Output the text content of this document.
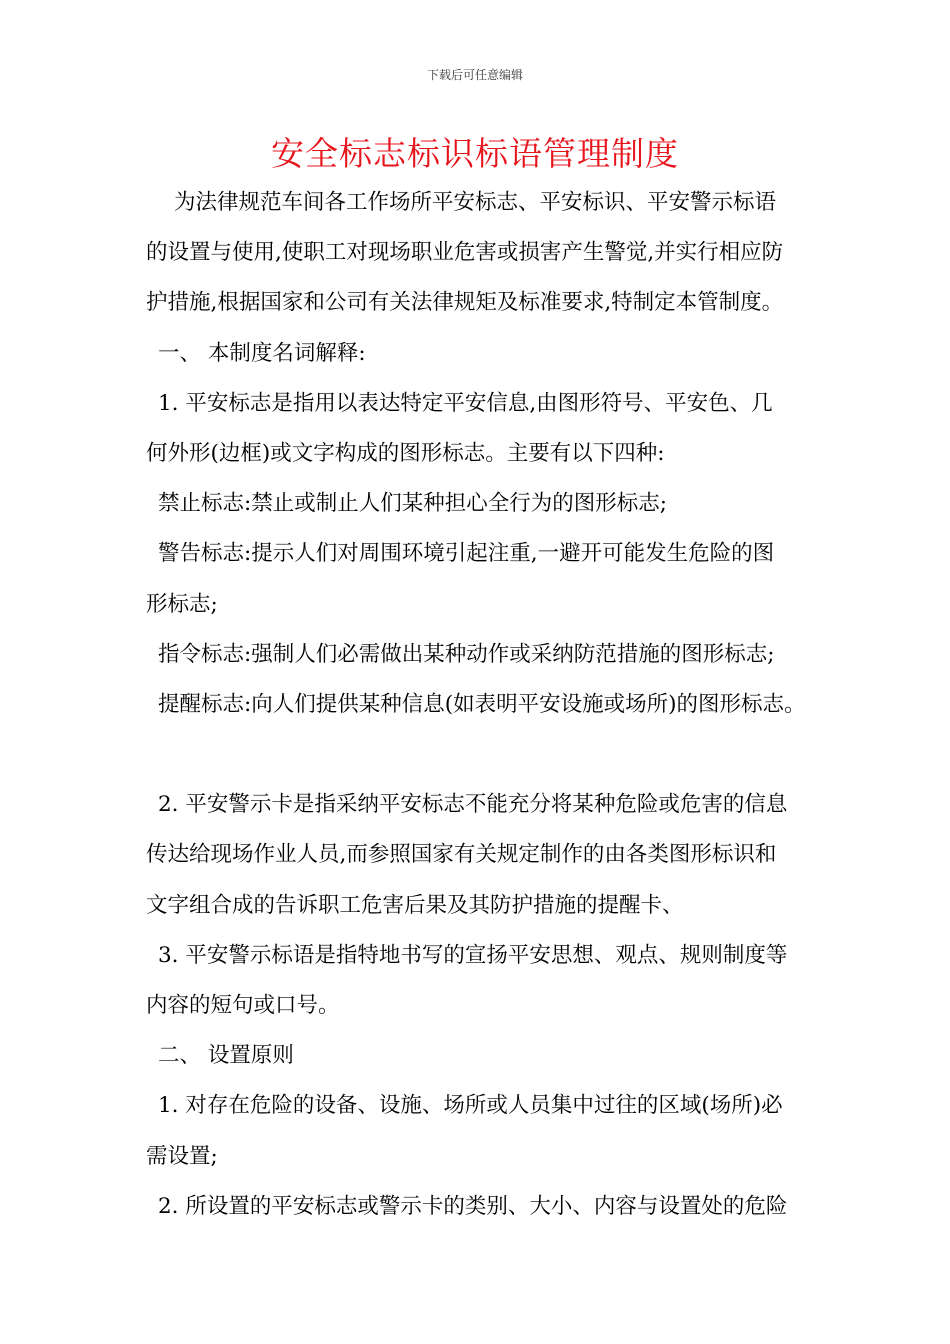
下载后可任意编辑
安全标志标识标语管理制度
为法律规范车间各工作场所平安标志、平安标识、平安警示标语
的设置与使用,使职工对现场职业危害或损害产生警觉,并实行相应防
护措施,根据国家和公司有关法律规矩及标准要求,特制定本管制度。
一、 本制度名词解释:
1. 平安标志是指用以表达特定平安信息,由图形符号、平安色、几
何外形(边框)或文字构成的图形标志。主要有以下四种:
禁止标志:禁止或制止人们某种担心全行为的图形标志;
警告标志:提示人们对周围环境引起注重,一避开可能发生危险的图
形标志;
指令标志:强制人们必需做出某种动作或采纳防范措施的图形标志;
提醒标志:向人们提供某种信息(如表明平安设施或场所)的图形标志。
2. 平安警示卡是指采纳平安标志不能充分将某种危险或危害的信息
传达给现场作业人员,而参照国家有关规定制作的由各类图形标识和
文字组合成的告诉职工危害后果及其防护措施的提醒卡、
3. 平安警示标语是指特地书写的宣扬平安思想、观点、规则制度等
内容的短句或口号。
二、 设置原则
1. 对存在危险的设备、设施、场所或人员集中过往的区域(场所)必
需设置;
2. 所设置的平安标志或警示卡的类别、大小、内容与设置处的危险
